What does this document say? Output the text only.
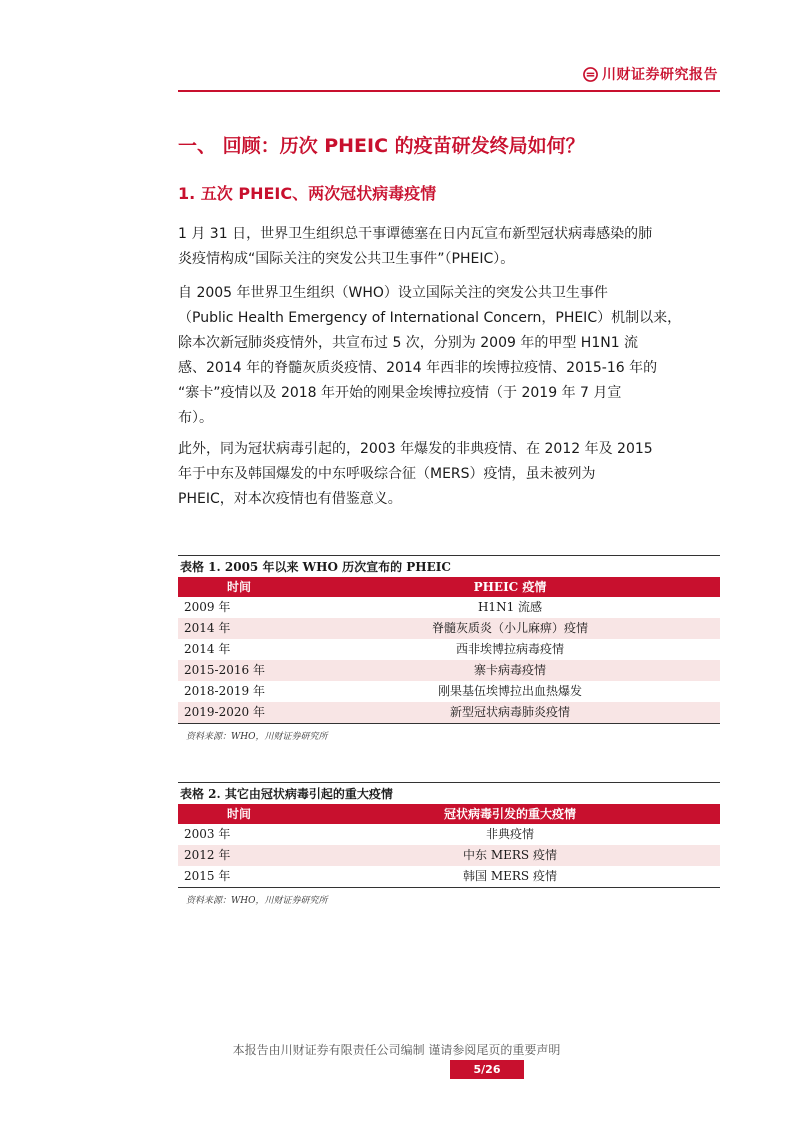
川财证券研究报告
一、 回顾：历次 PHEIC 的疫苗研发终局如何？
1. 五次 PHEIC、两次冠状病毒疫情
1 月 31 日，世界卫生组织总干事谭德塞在日内瓦宣布新型冠状病毒感染的肺
炎疫情构成“国际关注的突发公共卫生事件”（PHEIC）。
自 2005 年世界卫生组织（WHO）设立国际关注的突发公共卫生事件
（Public Health Emergency of International Concern，PHEIC）机制以来，
除本次新冠肺炎疫情外，共宣布过 5 次，分别为 2009 年的甲型 H1N1 流
感、2014 年的脊髓灰质炎疫情、2014 年西非的埃博拉疫情、2015-16 年的
“寨卡”疫情以及 2018 年开始的刚果金埃博拉疫情（于 2019 年 7 月宣
布）。
此外，同为冠状病毒引起的，2003 年爆发的非典疫情、在 2012 年及 2015
年于中东及韩国爆发的中东呼吸综合征（MERS）疫情，虽未被列为
PHEIC，对本次疫情也有借鉴意义。
表格 1. 2005 年以来 WHO 历次宣布的 PHEIC
时间	PHEIC 疫情
2009 年	H1N1 流感
2014 年	脊髓灰质炎（小儿麻痹）疫情
2014 年	西非埃博拉病毒疫情
2015-2016 年	寨卡病毒疫情
2018-2019 年	刚果基伍埃博拉出血热爆发
2019-2020 年	新型冠状病毒肺炎疫情
资料来源：WHO，川财证券研究所
表格 2. 其它由冠状病毒引起的重大疫情
时间	冠状病毒引发的重大疫情
2003 年	非典疫情
2012 年	中东 MERS 疫情
2015 年	韩国 MERS 疫情
资料来源：WHO，川财证券研究所
本报告由川财证券有限责任公司编制 谨请参阅尾页的重要声明
5/26
